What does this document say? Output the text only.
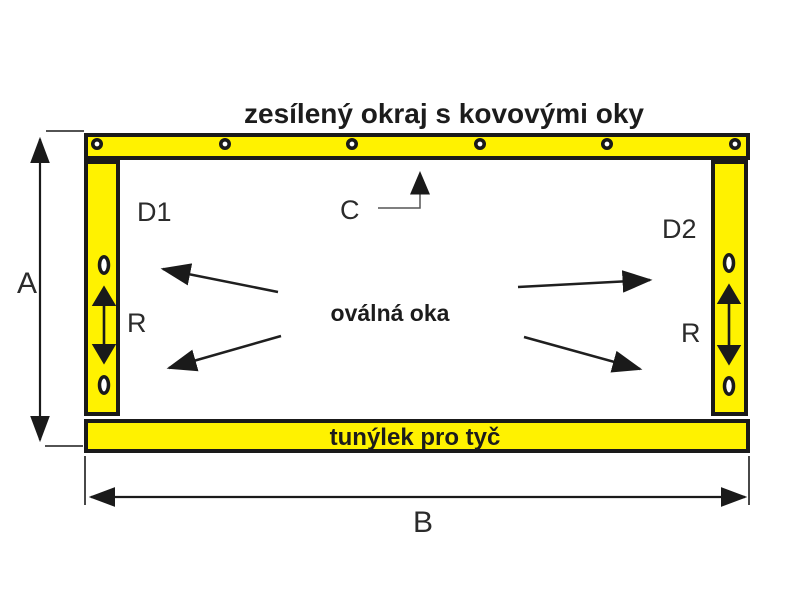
zesílený okraj s kovovými oky
tunýlek pro tyč
R	R
A
B
C
D1
D2
oválná oka
